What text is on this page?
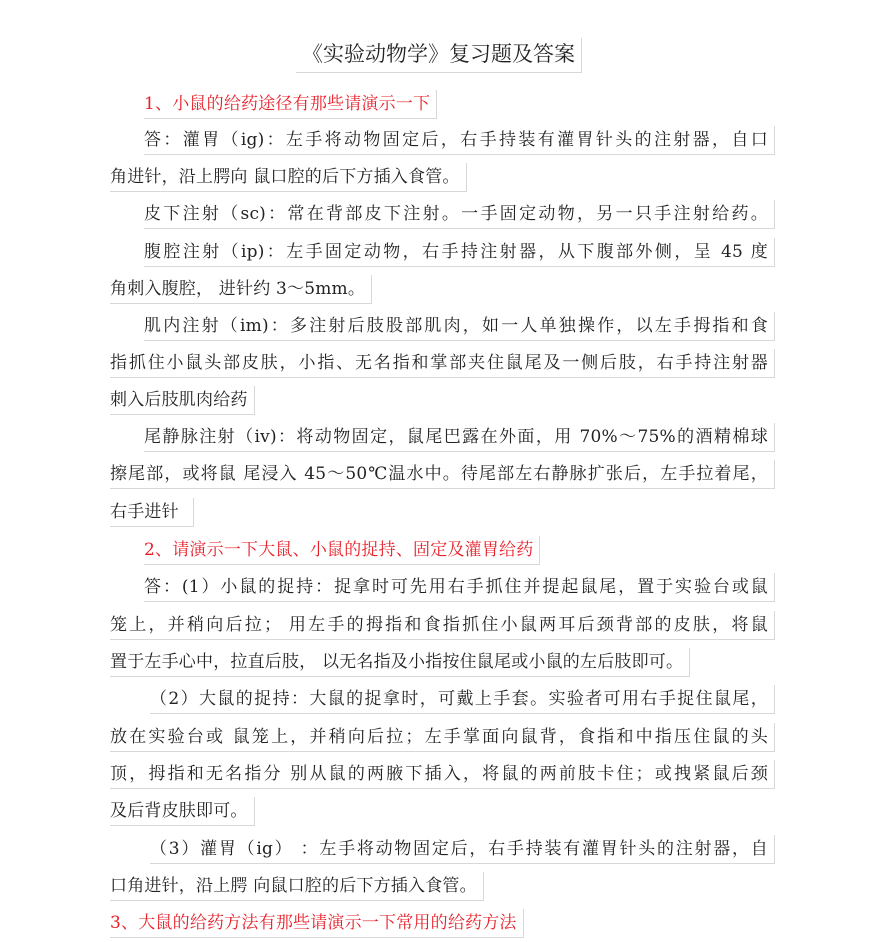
《实验动物学》复习题及答案
1、小鼠的给药途径有那些请演示一下
答：灌胃（ig)：左手将动物固定后，右手持装有灌胃针头的注射器，自口
角进针，沿上腭向 鼠口腔的后下方插入食管。
皮下注射（sc)：常在背部皮下注射。一手固定动物，另一只手注射给药。
腹腔注射（ip)：左手固定动物，右手持注射器，从下腹部外侧，呈 45 度
角刺入腹腔， 进针约 3～5mm。
肌内注射（im)：多注射后肢股部肌肉，如一人单独操作，以左手拇指和食
指抓住小鼠头部皮肤，小指、无名指和掌部夹住鼠尾及一侧后肢，右手持注射器
刺入后肢肌肉给药
尾静脉注射（iv)：将动物固定，鼠尾巴露在外面，用 70%～75%的酒精棉球
擦尾部，或将鼠 尾浸入 45～50℃温水中。待尾部左右静脉扩张后，左手拉着尾，
右手进针
2、请演示一下大鼠、小鼠的捉持、固定及灌胃给药
答：(1）小鼠的捉持：捉拿时可先用右手抓住并提起鼠尾，置于实验台或鼠
笼上，并稍向后拉； 用左手的拇指和食指抓住小鼠两耳后颈背部的皮肤，将鼠
置于左手心中，拉直后肢， 以无名指及小指按住鼠尾或小鼠的左后肢即可。
（2）大鼠的捉持：大鼠的捉拿时，可戴上手套。实验者可用右手捉住鼠尾，
放在实验台或 鼠笼上，并稍向后拉；左手掌面向鼠背，食指和中指压住鼠的头
顶，拇指和无名指分 别从鼠的两腋下插入，将鼠的两前肢卡住；或拽紧鼠后颈
及后背皮肤即可。
（3）灌胃（ig） ：左手将动物固定后，右手持装有灌胃针头的注射器，自
口角进针，沿上腭 向鼠口腔的后下方插入食管。
3、大鼠的给药方法有那些请演示一下常用的给药方法
